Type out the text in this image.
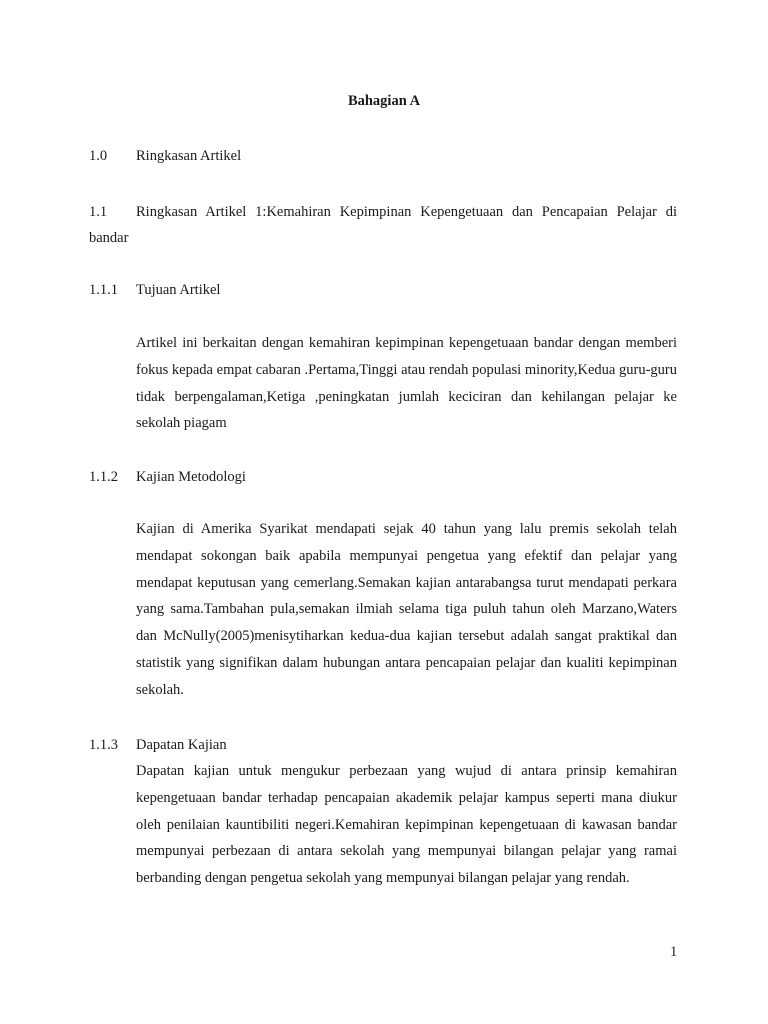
Bahagian A
1.0 Ringkasan Artikel

1.1 Ringkasan Artikel 1:Kemahiran Kepimpinan Kepengetuaan dan Pencapaian Pelajar di bandar

1.1.1 Tujuan Artikel

Artikel ini berkaitan dengan kemahiran kepimpinan kepengetuaan bandar dengan memberi fokus kepada empat cabaran .Pertama,Tinggi atau rendah populasi minority,Kedua guru-guru tidak berpengalaman,Ketiga ,peningkatan jumlah keciciran dan kehilangan pelajar ke sekolah piagam

1.1.2 Kajian Metodologi

Kajian di Amerika Syarikat mendapati sejak 40 tahun yang lalu premis sekolah telah mendapat sokongan baik apabila mempunyai pengetua yang efektif dan pelajar yang mendapat keputusan yang cemerlang.Semakan kajian antarabangsa turut mendapati perkara yang sama.Tambahan pula,semakan ilmiah selama tiga puluh tahun oleh Marzano,Waters dan McNully(2005)menisytiharkan kedua-dua kajian tersebut adalah sangat praktikal dan statistik yang signifikan dalam hubungan antara pencapaian pelajar dan kualiti kepimpinan sekolah.

1.1.3 Dapatan Kajian

Dapatan kajian untuk mengukur perbezaan yang wujud di antara prinsip kemahiran kepengetuaan bandar terhadap pencapaian akademik pelajar kampus seperti mana diukur oleh penilaian kauntibiliti negeri.Kemahiran kepimpinan kepengetuaan di kawasan bandar mempunyai perbezaan di antara sekolah yang mempunyai bilangan pelajar yang ramai berbanding dengan pengetua sekolah yang mempunyai bilangan pelajar yang rendah.

1
